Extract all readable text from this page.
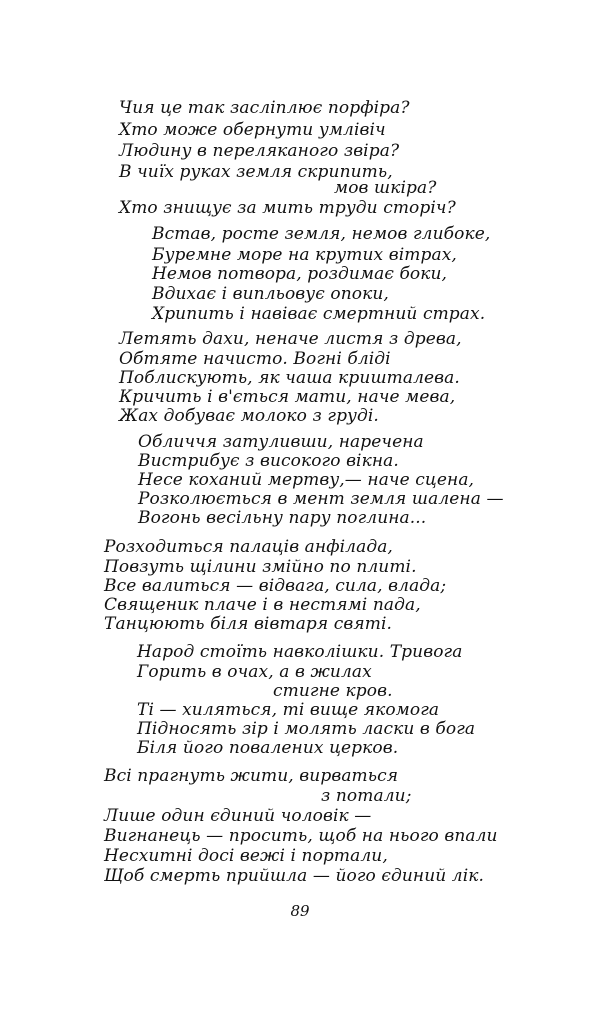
Чия це так засліплює порфіра?
Хто може обернути умлівіч
Людину в переляканого звіра?
В чиїх руках земля скрипить,
мов шкіра?
Хто знищує за мить труди сторіч?
Встав, росте земля, немов глибоке,
Буремне море на крутих вітрах,
Немов потвора, роздимає боки,
Вдихає і випльовує опоки,
Хрипить і навіває смертний страх.
Летять дахи, неначе листя з древа,
Обтяте начисто. Вогні бліді
Поблискують, як чаша кришталева.
Кричить і в'ється мати, наче мева,
Жах добуває молоко з груді.
Обличчя затуливши, наречена
Вистрибує з високого вікна.
Несе коханий мертву,— наче сцена,
Розколюється в мент земля шалена —
Вогонь весільну пару поглина...
Розходиться палаців анфілада,
Повзуть щілини змійно по плиті.
Все валиться — відвага, сила, влада;
Священик плаче і в нестямі пада,
Танцюють біля вівтаря святі.
Народ стоїть навколішки. Тривога
Горить в очах, а в жилах
стигне кров.
Ті — хиляться, ті вище якомога
Підносять зір і молять ласки в бога
Біля його повалених церков.
Всі прагнуть жити, вирваться
з потали;
Лише один єдиний чоловік —
Вигнанець — просить, щоб на нього впали
Несхитні досі вежі і портали,
Щоб смерть прийшла — його єдиний лік.
89
